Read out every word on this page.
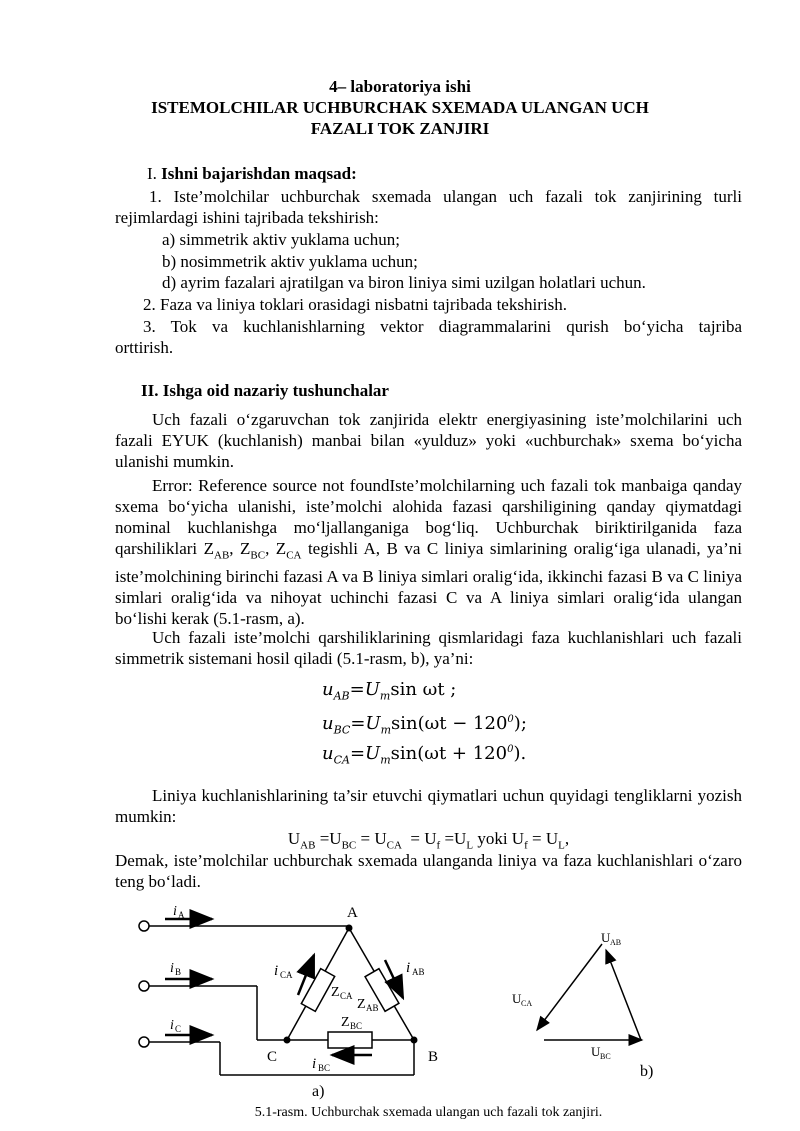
4– laboratoriya ishi
ISTEMOLCHILAR UCHBURCHAK SXEMADA ULANGAN UCH
FAZALI TOK ZANJIRI
I. Ishni bajarishdan maqsad:
1. Iste’molchilar uchburchak sxemada ulangan uch fazali tok zanjirining turli
rejimlardagi ishini tajribada tekshirish:
a) simmetrik aktiv yuklama uchun;
b) nosimmetrik aktiv yuklama uchun;
d) ayrim fazalari ajratilgan va biron liniya simi uzilgan holatlari uchun.
2. Faza va liniya toklari orasidagi nisbatni tajribada tekshirish.
3. Tok va kuchlanishlarning vektor diagrammalarini qurish bo‘yicha tajriba
orttirish.
II. Ishga oid nazariy tushunchalar
Uch fazali o‘zgaruvchan tok zanjirida elektr energiyasining iste’molchilarini uch fazali EYUK (kuchlanish) manbai bilan «yulduz» yoki «uchburchak» sxema bo‘yicha ulanishi mumkin.
Error: Reference source not foundIste’molchilarning uch fazali tok manbaiga qanday sxema bo‘yicha ulanishi, iste’molchi alohida fazasi qarshiligining qanday qiymatdagi nominal kuchlanishga mo‘ljallanganiga bog‘liq. Uchburchak biriktirilganida faza qarshiliklari $Z_{AB}$, $Z_{BC}$, $Z_{CA}$ tegishli A, B va C liniya simlarining oralig‘iga ulanadi, ya’ni iste’molchining birinchi fazasi A va B liniya simlari oralig‘ida, ikkinchi fazasi B va C liniya simlari oralig‘ida va nihoyat uchinchi fazasi C va A liniya simlari oralig‘ida ulangan bo‘lishi kerak (5.1-rasm, a).
Uch fazali iste’molchi qarshiliklarining qismlaridagi faza kuchlanishlari uch fazali simmetrik sistemani hosil qiladi (5.1-rasm, b), ya’ni:
$u_{AB}=U_m\sin$ ωt ;
$u_{BC}=U_m\sin(\omega t - 120^0)$;
$u_{CA}=U_m\sin(\omega t + 120^0)$.
Liniya kuchlanishlarining ta’sir etuvchi qiymatlari uchun quyidagi tengliklarni yozish mumkin:
$U_{AB} =U_{BC} = U_{CA} = U_f =U_L$ yoki $U_f = U_L$,
Demak, iste’molchilar uchburchak sxemada ulanganda liniya va faza kuchlanishlari o‘zaro teng bo‘ladi.
i A
i B
i C
i CA	i AB
i BC
Z CA
Z AB
Z BC
A
C	B
a)
U AB
U CA
U BC
b)
5.1-rasm. Uchburchak sxemada ulangan uch fazali tok zanjiri.
